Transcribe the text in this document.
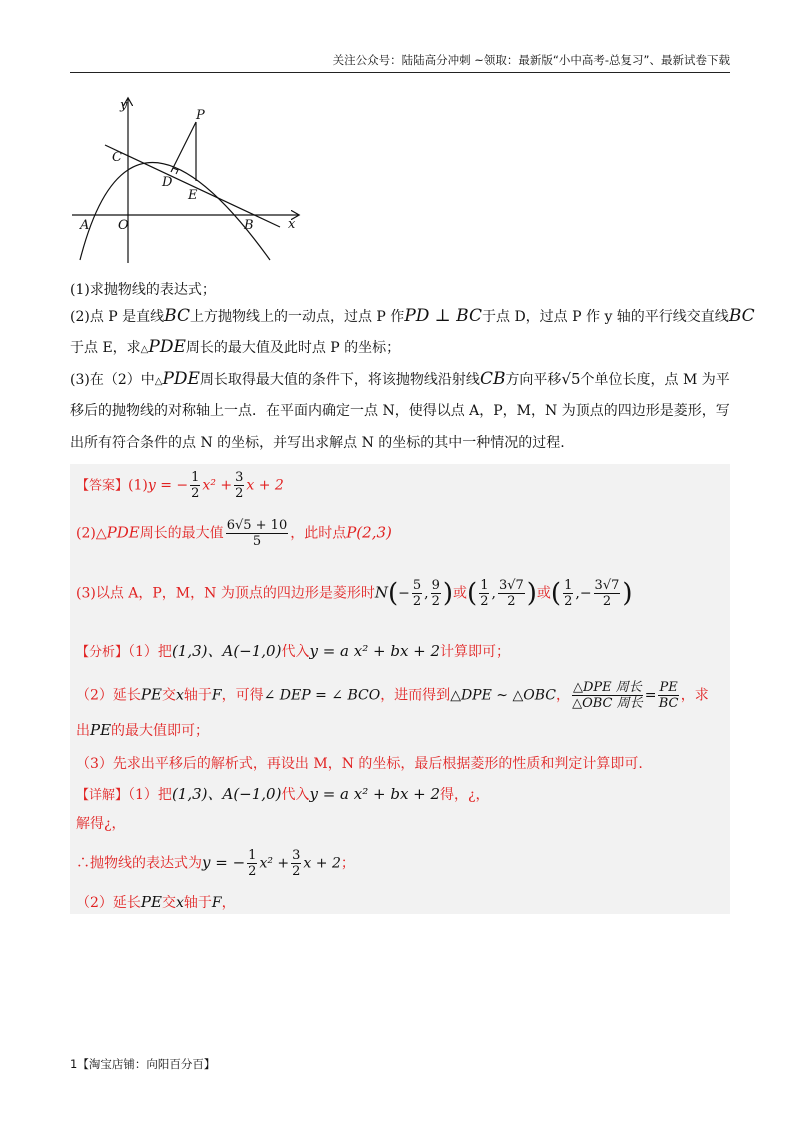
关注公众号：陆陆高分冲刺 ~领取：最新版“小中高考-总复习”、最新试卷下载
y
x
P
C
D
E
A O	B
(1)求抛物线的表达式；
(2)点 P 是直线BC上方抛物线上的一动点，过点 P 作PD ⊥ BC于点 D，过点 P 作 y 轴的平行线交直线BC
于点 E，求△PDE周长的最大值及此时点 P 的坐标；
(3)在（2）中△PDE周长取得最大值的条件下，将该抛物线沿射线CB方向平移√5个单位长度，点 M 为平
移后的抛物线的对称轴上一点．在平面内确定一点 N，使得以点 A，P，M，N 为顶点的四边形是菱形，写
出所有符合条件的点 N 的坐标，并写出求解点 N 的坐标的其中一种情况的过程.
【答案】(1)y = − $\frac{1}{2} x^2 + \frac{3}{2}$ x + 2
(2)△PDE周长的最大值 $\frac{6√5 + 10}{5}$ ，此时点P(2,3)
(3)以点 A，P，M，N 为顶点的四边形是菱形时$N(- \frac{5}{2}$ , $\frac{9}{2}$ )或( $\frac{1}{2}$ , $\frac{3√7}{2}$ )或( $\frac{1}{2}$ ,− $\frac{3√7}{2}$ )
【分析】（1）把(1,3)、A(−1,0)代入y = a x² + bx + 2计算即可；
（2）延长PE交x轴于F，可得∠ DEP = ∠ BCO，进而得到△DPE ∼ △OBC， $\frac{\text{△DPE 周长}}{\text{△OBC 周长}} = \frac{PE}{BC}$ ，求
出PE的最大值即可；
（3）先求出平移后的解析式，再设出 M，N 的坐标，最后根据菱形的性质和判定计算即可.
【详解】（1）把(1,3)、A(−1,0)代入y = a x² + bx + 2得，¿，
解得¿，
∴抛物线的表达式为y = − $\frac{1}{2} x^2 + \frac{3}{2}$ x + 2；
（2）延长PE交x轴于F，
1【淘宝店铺：向阳百分百】
